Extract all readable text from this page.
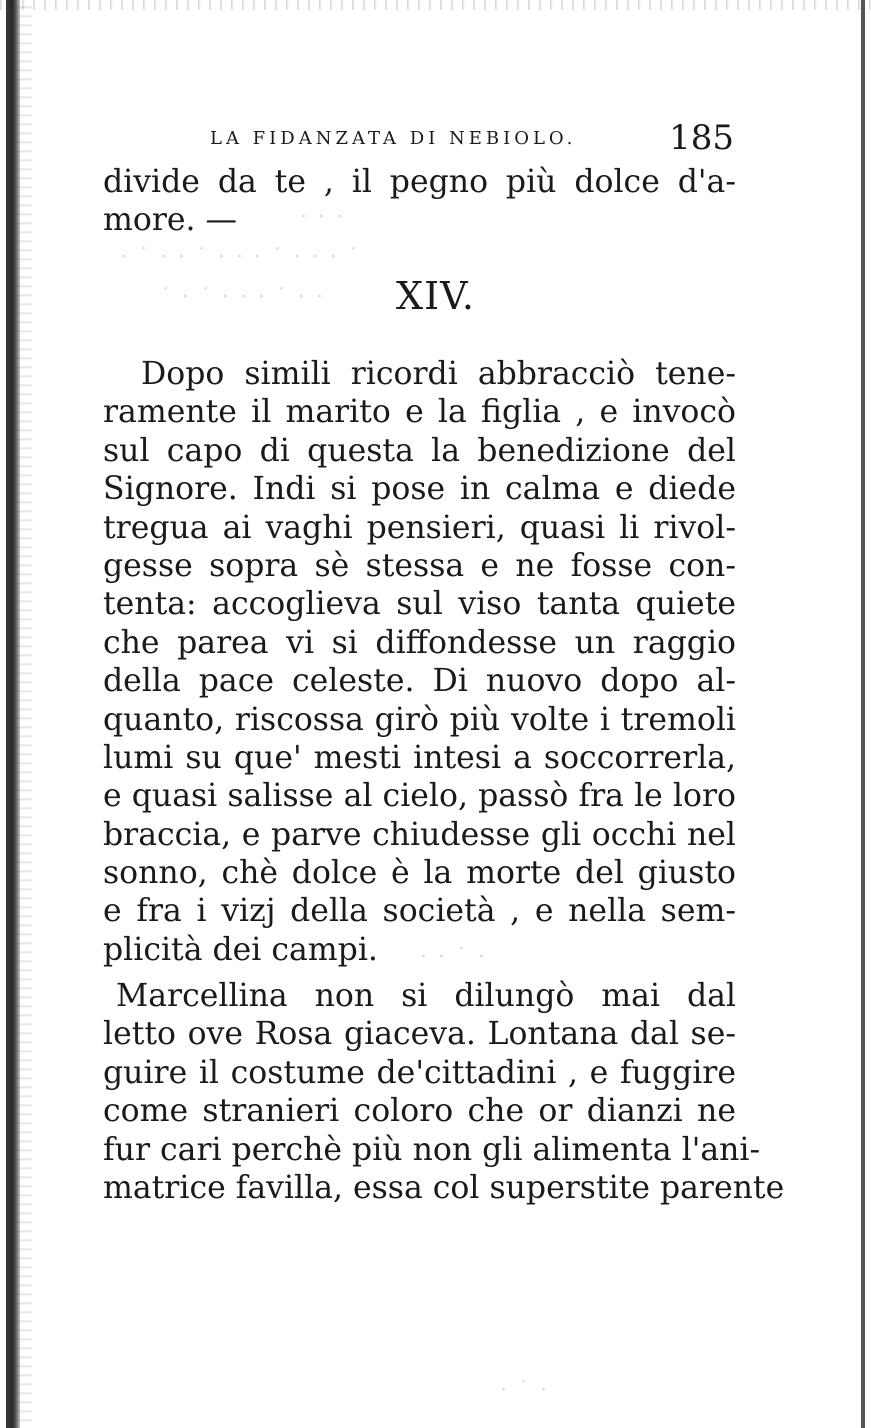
· · ·
· ˙ · · ˙ · · · ˙ · · · ˙
˙ · ˙ · · · ˙ · ·
· · ˙ ·
· ˙ ·
LA FIDANZATA DI NEBIOLO.	185
divide da te , il pegno più dolce d'a-
more. —
XIV.
Dopo simili ricordi abbracciò tene-
ramente il marito e la figlia , e invocò
sul capo di questa la benedizione del
Signore. Indi si pose in calma e diede
tregua ai vaghi pensieri, quasi li rivol-
gesse sopra sè stessa e ne fosse con-
tenta: accoglieva sul viso tanta quiete
che parea vi si diffondesse un raggio
della pace celeste. Di nuovo dopo al-
quanto, riscossa girò più volte i tremoli
lumi su que' mesti intesi a soccorrerla,
e quasi salisse al cielo, passò fra le loro
braccia, e parve chiudesse gli occhi nel
sonno, chè dolce è la morte del giusto
e fra i vizj della società , e nella sem-
plicità dei campi.
Marcellina non si dilungò mai dal
letto ove Rosa giaceva. Lontana dal se-
guire il costume de'cittadini , e fuggire
come stranieri coloro che or dianzi ne
fur cari perchè più non gli alimenta l'ani-
matrice favilla, essa col superstite parente
